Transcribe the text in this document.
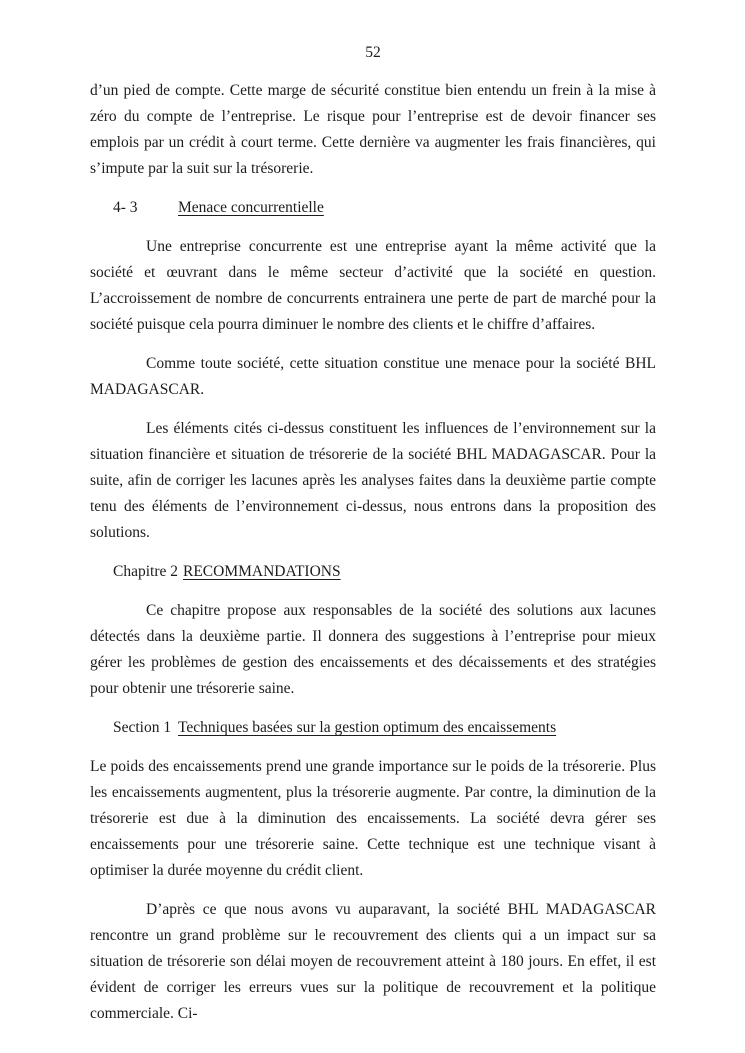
52

d’un pied de compte. Cette marge de sécurité constitue bien entendu un frein à la mise à zéro du compte de l’entreprise. Le risque pour l’entreprise est de devoir financer ses emplois par un crédit à court terme. Cette dernière va augmenter les frais financières, qui s’impute par la suit sur la trésorerie.

4- 3	Menace concurrentielle

Une entreprise concurrente est une entreprise ayant la même activité que la société et œuvrant dans le même secteur d’activité que la société en question. L’accroissement de nombre de concurrents entrainera une perte de part de marché pour la société puisque cela pourra diminuer le nombre des clients et le chiffre d’affaires.

Comme toute société, cette situation constitue une menace pour la société BHL MADAGASCAR.

Les éléments cités ci-dessus constituent les influences de l’environnement sur la situation financière et situation de trésorerie de la société BHL MADAGASCAR. Pour la suite, afin de corriger les lacunes après les analyses faites dans la deuxième partie compte tenu des éléments de l’environnement ci-dessus, nous entrons dans la proposition des solutions.

Chapitre 2 RECOMMANDATIONS

Ce chapitre propose aux responsables de la société des solutions aux lacunes détectés dans la deuxième partie. Il donnera des suggestions à l’entreprise pour mieux gérer les problèmes de gestion des encaissements et des décaissements et des stratégies pour obtenir une trésorerie saine.

Section 1 Techniques basées sur la gestion optimum des encaissements

Le poids des encaissements prend une grande importance sur le poids de la trésorerie. Plus les encaissements augmentent, plus la trésorerie augmente. Par contre, la diminution de la trésorerie est due à la diminution des encaissements. La société devra gérer ses encaissements pour une trésorerie saine. Cette technique est une technique visant à optimiser la durée moyenne du crédit client.

D’après ce que nous avons vu auparavant, la société BHL MADAGASCAR rencontre un grand problème sur le recouvrement des clients qui a un impact sur sa situation de trésorerie son délai moyen de recouvrement atteint à 180 jours. En effet, il est évident de corriger les erreurs vues sur la politique de recouvrement et la politique commerciale. Ci-
